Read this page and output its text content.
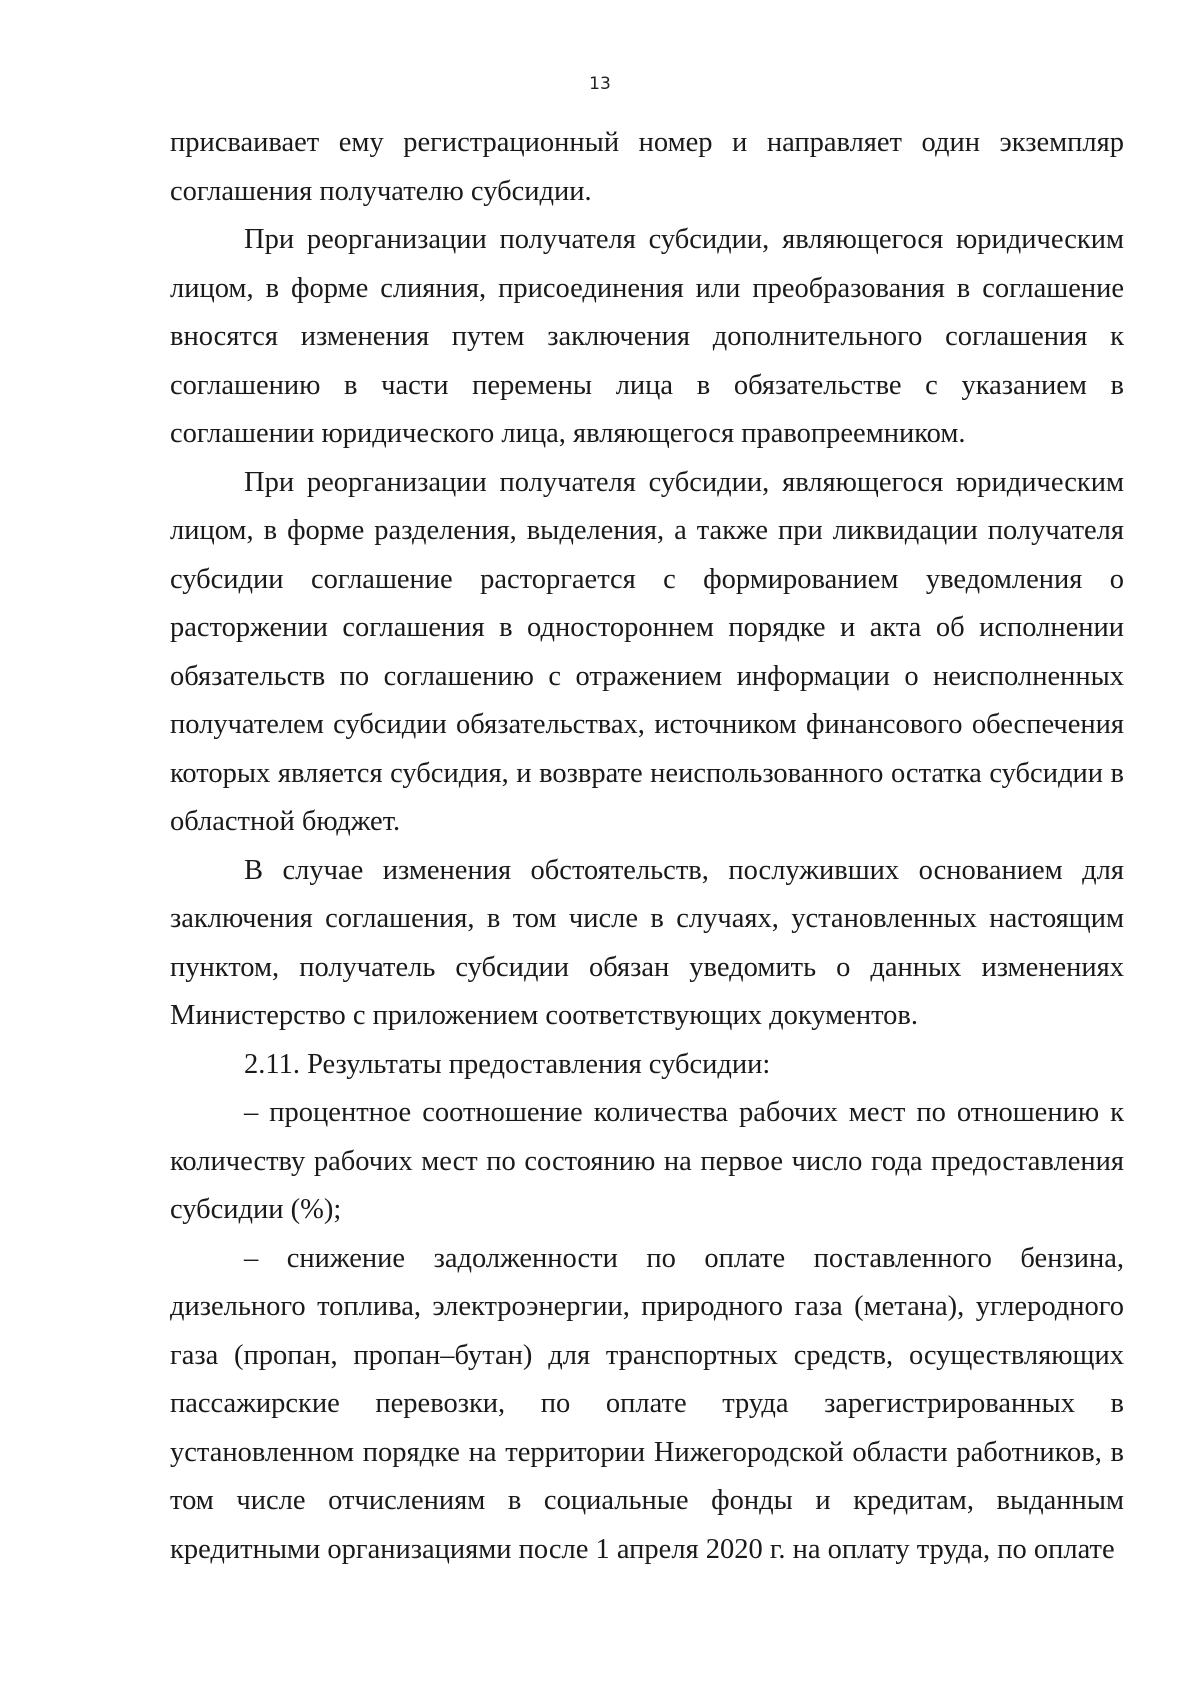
13

присваивает ему регистрационный номер и направляет один экземпляр соглашения получателю субсидии.

При реорганизации получателя субсидии, являющегося юридическим лицом, в форме слияния, присоединения или преобразования в соглашение вносятся изменения путем заключения дополнительного соглашения к соглашению в части перемены лица в обязательстве с указанием в соглашении юридического лица, являющегося правопреемником.

При реорганизации получателя субсидии, являющегося юридическим лицом, в форме разделения, выделения, а также при ликвидации получателя субсидии соглашение расторгается с формированием уведомления о расторжении соглашения в одностороннем порядке и акта об исполнении обязательств по соглашению с отражением информации о неисполненных получателем субсидии обязательствах, источником финансового обеспечения которых является субсидия, и возврате неиспользованного остатка субсидии в областной бюджет.

В случае изменения обстоятельств, послуживших основанием для заключения соглашения, в том числе в случаях, установленных настоящим пунктом, получатель субсидии обязан уведомить о данных изменениях Министерство с приложением соответствующих документов.

2.11. Результаты предоставления субсидии:

– процентное соотношение количества рабочих мест по отношению к количеству рабочих мест по состоянию на первое число года предоставления субсидии (%);

– снижение задолженности по оплате поставленного бензина, дизельного топлива, электроэнергии, природного газа (метана), углеродного газа (пропан, пропан–бутан) для транспортных средств, осуществляющих пассажирские перевозки, по оплате труда зарегистрированных в установленном порядке на территории Нижегородской области работников, в том числе отчислениям в социальные фонды и кредитам, выданным кредитными организациями после 1 апреля 2020 г. на оплату труда, по оплате
